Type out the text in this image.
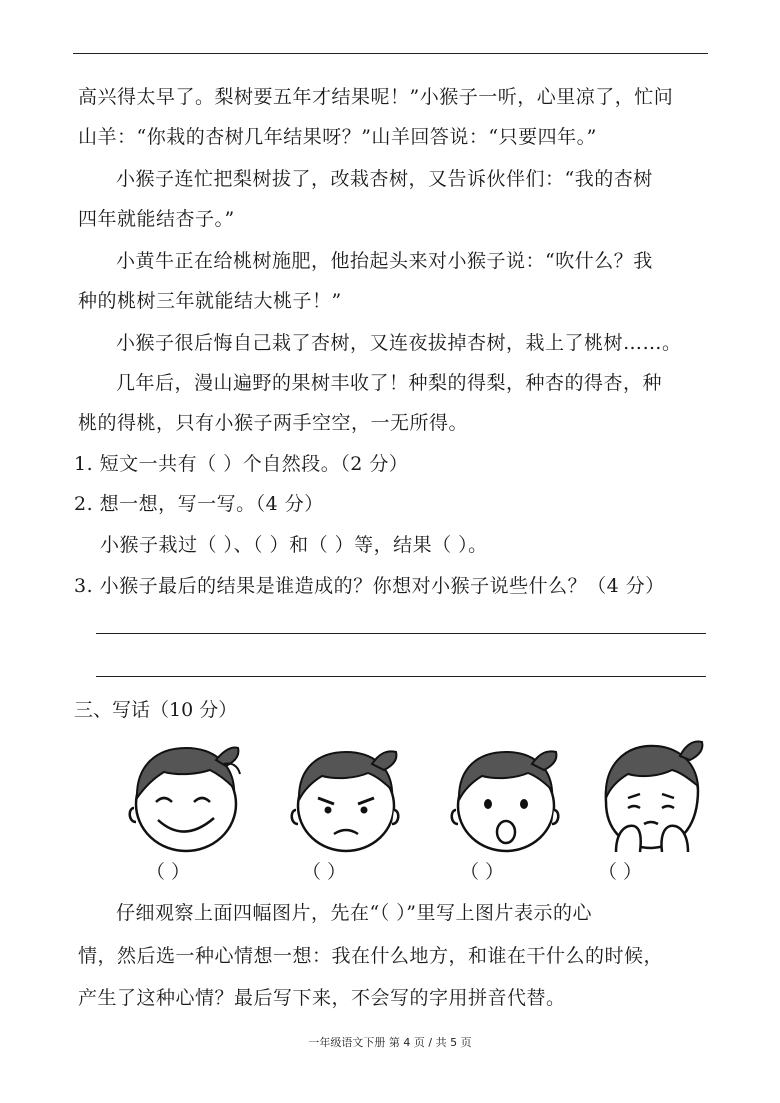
高兴得太早了。梨树要五年才结果呢！”小猴子一听，心里凉了，忙问
山羊：“你栽的杏树几年结果呀？”山羊回答说：“只要四年。”
小猴子连忙把梨树拔了，改栽杏树，又告诉伙伴们：“我的杏树
四年就能结杏子。”
小黄牛正在给桃树施肥，他抬起头来对小猴子说：“吹什么？我
种的桃树三年就能结大桃子！”
小猴子很后悔自己栽了杏树，又连夜拔掉杏树，栽上了桃树……。
几年后，漫山遍野的果树丰收了！种梨的得梨，种杏的得杏，种
桃的得桃，只有小猴子两手空空，一无所得。
1. 短文一共有（ ）个自然段。（2 分）
2. 想一想，写一写。（4 分）
小猴子栽过（ ）、（ ）和（ ）等，结果（ ）。
3. 小猴子最后的结果是谁造成的？你想对小猴子说些什么？（4 分）
三、写话（10 分）
（ ）	（ ）	（ ）	（ ）
仔细观察上面四幅图片，先在“（ ）”里写上图片表示的心
情，然后选一种心情想一想：我在什么地方，和谁在干什么的时候，
产生了这种心情？最后写下来，不会写的字用拼音代替。
一年级语文下册 第 4 页 / 共 5 页
